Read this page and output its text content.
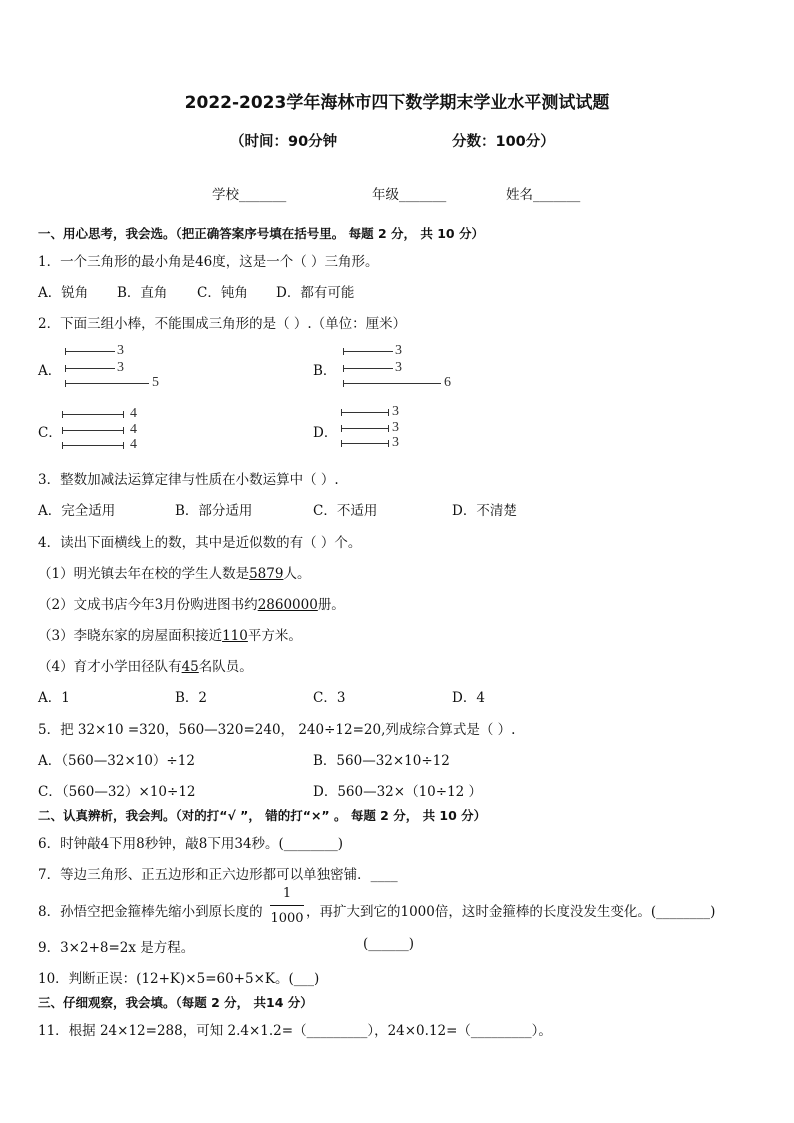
2022-2023学年海林市四下数学期末学业水平测试试题
（时间：90分钟	分数：100分）
学校_______	年级_______	姓名_______
一、用心思考，我会选。（把正确答案序号填在括号里。 每题 2 分， 共 10 分）
1．一个三角形的最小角是46度，这是一个（ ）三角形。
A．锐角 B．直角 C．钝角 D．都有可能
2．下面三组小棒，不能围成三角形的是（ ）.（单位：厘米）
A．
3
3
5
B．
3
3
6
C．
4
4
4
D．
3
3
3
3．整数加减法运算定律与性质在小数运算中（ ）.
A．完全适用	B．部分适用	C．不适用	D．不清楚
4．读出下面横线上的数，其中是近似数的有（ ）个。
（1）明光镇去年在校的学生人数是5879人。
（2）文成书店今年3月份购进图书约2860000册。
（3）李晓东家的房屋面积接近110平方米。
（4）育才小学田径队有45名队员。
A．1	B．2	C．3	D．4
5．把 32×10 =320，560—320=240， 240÷12=20,列成综合算式是（ ）.
A．（560—32×10）÷12	B．560—32×10÷12
C．（560—32）×10÷12	D．560—32×（10÷12 ）
二、认真辨析，我会判。（对的打“√ ”， 错的打“×” 。 每题 2 分， 共 10 分）
6．时钟敲4下用8秒钟，敲8下用34秒。(________)
7．等边三角形、正五边形和正六边形都可以单独密铺．____
8．孙悟空把金箍棒先缩小到原长度的
1
1000 ，再扩大到它的1000倍，这时金箍棒的长度没发生变化。(________)
9．3×2+8=2x 是方程。	(______)
10．判断正误：(12+K)×5=60+5×K。(___)
三、仔细观察，我会填。（每题 2 分， 共14 分）
11．根据 24×12=288，可知 2.4×1.2=（_________），24×0.12=（_________）。
